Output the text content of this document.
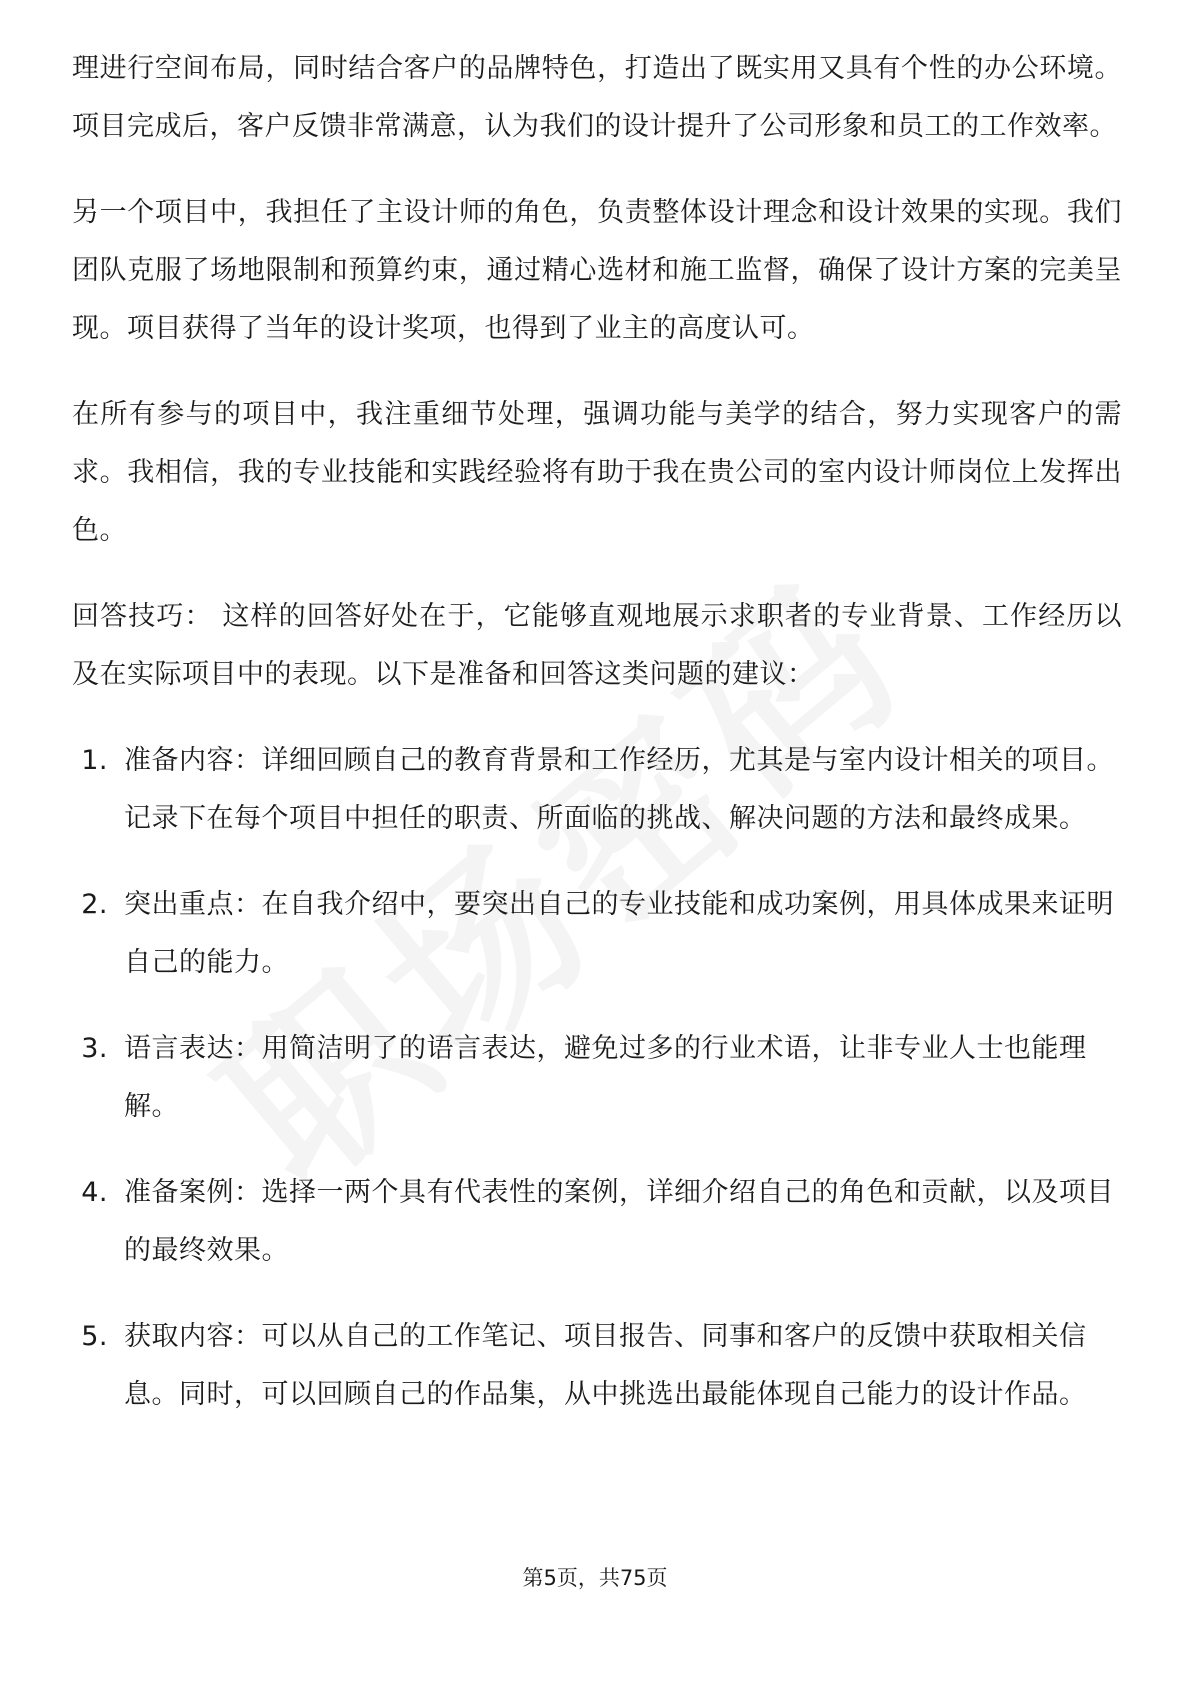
理进行空间布局，同时结合客户的品牌特色，打造出了既实用又具有个性的办公环境。项目完成后，客户反馈非常满意，认为我们的设计提升了公司形象和员工的工作效率。

另一个项目中，我担任了主设计师的角色，负责整体设计理念和设计效果的实现。我们团队克服了场地限制和预算约束，通过精心选材和施工监督，确保了设计方案的完美呈现。项目获得了当年的设计奖项，也得到了业主的高度认可。

在所有参与的项目中，我注重细节处理，强调功能与美学的结合，努力实现客户的需求。我相信，我的专业技能和实践经验将有助于我在贵公司的室内设计师岗位上发挥出色。

回答技巧： 这样的回答好处在于，它能够直观地展示求职者的专业背景、工作经历以及在实际项目中的表现。以下是准备和回答这类问题的建议：

1. 准备内容：详细回顾自己的教育背景和工作经历，尤其是与室内设计相关的项目。记录下在每个项目中担任的职责、所面临的挑战、解决问题的方法和最终成果。
2. 突出重点：在自我介绍中，要突出自己的专业技能和成功案例，用具体成果来证明自己的能力。
3. 语言表达：用简洁明了的语言表达，避免过多的行业术语，让非专业人士也能理解。
4. 准备案例：选择一两个具有代表性的案例，详细介绍自己的角色和贡献，以及项目的最终效果。
5. 获取内容：可以从自己的工作笔记、项目报告、同事和客户的反馈中获取相关信息。同时，可以回顾自己的作品集，从中挑选出最能体现自己能力的设计作品。
第5页，共75页
